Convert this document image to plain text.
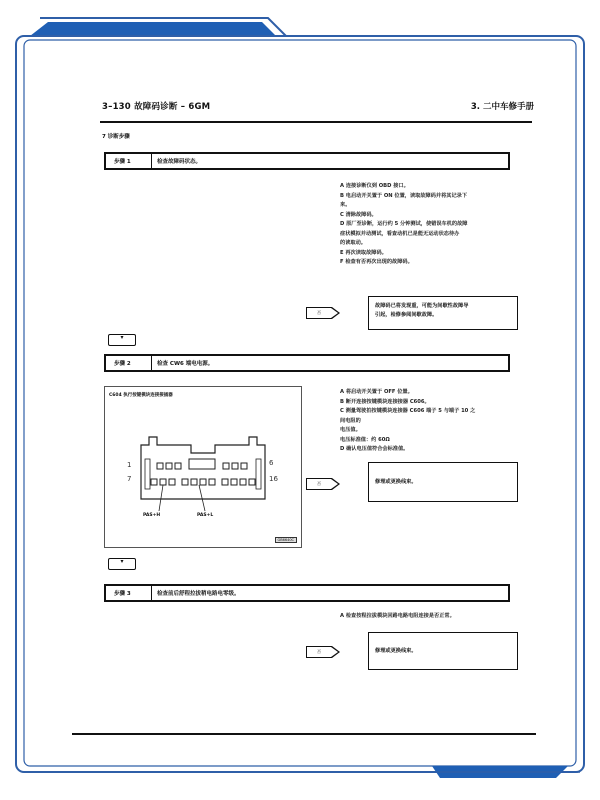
3–130 故障码诊断 – 6GM	3. 二中车修手册
7 诊断步骤
步骤 1	检查故障码状态。
A 连接诊断仪到 OBD 接口。
B 电启动开关置于 ON 位置，读取故障码并将其记录下
来。
C 清除故障码。
D 原厂至诊断，运行约 5 分钟测试，使错误车机的故障
症状模拟并动测试，看查动机已是能无运动状态待办
的读取动。
E 再次读取故障码。
F 检查有否再次出现的故障码。
否
故障码已将发现重，可能为间歇性故障导
引起，检修参阅间歇故障。
▾
步骤 2	检查 CW6 端电电源。
C604 执行按键模块连接接插器
1
7
6
16
PAS+H	PAS+L
GB6640C
A 将启动开关置于 OFF 位置。
B 断开连接按键模块连接接器 C606。
C 测量驾驶拍按键模块连接器 C606 端子 5 与端子 10 之
间电阻的
电压值。
电压标准值：约 60Ω
D 确认电压值符合会标准值。
否	修理或更换线束。
▾
步骤 3	检查前后舒程拉拔稍电路电零级。
A 检查按程拉拔模块回路电路电阻连接是否正常。
否	修理或更换线束。
